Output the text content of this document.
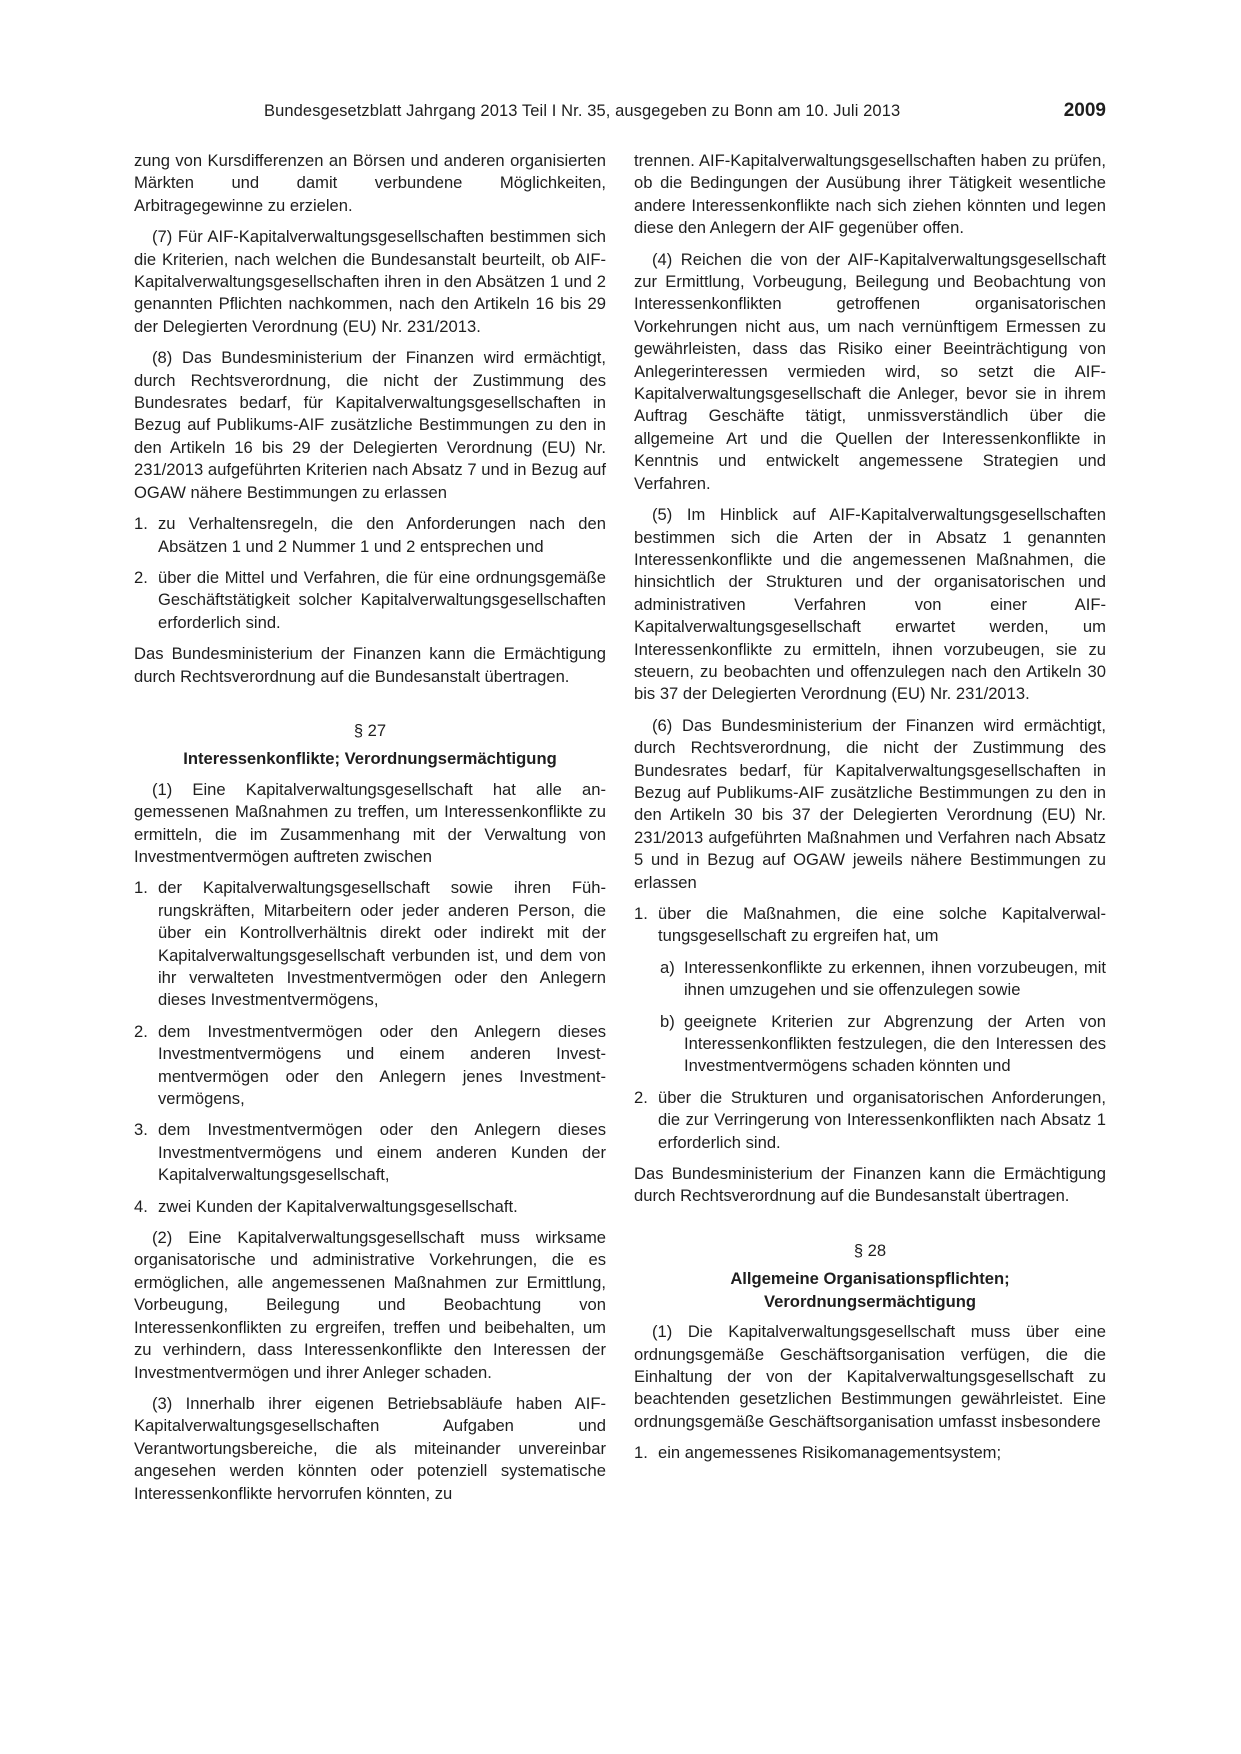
Bundesgesetzblatt Jahrgang 2013 Teil I Nr. 35, ausgegeben zu Bonn am 10. Juli 2013	2009

zung von Kursdifferenzen an Börsen und anderen organisierten Märkten und damit verbundene Möglichkeiten, Arbitragegewinne zu erzielen.

(7) Für AIF-Kapitalverwaltungsgesellschaften bestimmen sich die Kriterien, nach welchen die Bundesanstalt beurteilt, ob AIF-Kapitalverwaltungsgesellschaften ihren in den Absätzen 1 und 2 genannten Pflichten nachkommen, nach den Artikeln 16 bis 29 der Delegierten Verordnung (EU) Nr. 231/2013.

(8) Das Bundesministerium der Finanzen wird ermächtigt, durch Rechtsverordnung, die nicht der Zustimmung des Bundesrates bedarf, für Kapitalverwaltungsgesellschaften in Bezug auf Publikums-AIF zusätzliche Bestimmungen zu den in den Artikeln 16 bis 29 der Delegierten Verordnung (EU) Nr. 231/2013 aufgeführten Kriterien nach Absatz 7 und in Bezug auf OGAW nähere Bestimmungen zu erlassen

1. zu Verhaltensregeln, die den Anforderungen nach den Absätzen 1 und 2 Nummer 1 und 2 entsprechen und
2. über die Mittel und Verfahren, die für eine ordnungsgemäße Geschäftstätigkeit solcher Kapitalverwaltungsgesellschaften erforderlich sind.

Das Bundesministerium der Finanzen kann die Ermächtigung durch Rechtsverordnung auf die Bundesanstalt übertragen.

§ 27
Interessenkonflikte; Verordnungsermächtigung

(1) Eine Kapitalverwaltungsgesellschaft hat alle angemessenen Maßnahmen zu treffen, um Interessenkonflikte zu ermitteln, die im Zusammenhang mit der Verwaltung von Investmentvermögen auftreten zwischen

1. der Kapitalverwaltungsgesellschaft sowie ihren Führungskräften, Mitarbeitern oder jeder anderen Person, die über ein Kontrollverhältnis direkt oder indirekt mit der Kapitalverwaltungsgesellschaft verbunden ist, und dem von ihr verwalteten Investmentvermögen oder den Anlegern dieses Investmentvermögens,
2. dem Investmentvermögen oder den Anlegern dieses Investmentvermögens und einem anderen Investmentvermögen oder den Anlegern jenes Investmentvermögens,
3. dem Investmentvermögen oder den Anlegern dieses Investmentvermögens und einem anderen Kunden der Kapitalverwaltungsgesellschaft,
4. zwei Kunden der Kapitalverwaltungsgesellschaft.

(2) Eine Kapitalverwaltungsgesellschaft muss wirksame organisatorische und administrative Vorkehrungen, die es ermöglichen, alle angemessenen Maßnahmen zur Ermittlung, Vorbeugung, Beilegung und Beobachtung von Interessenkonflikten zu ergreifen, treffen und beibehalten, um zu verhindern, dass Interessenkonflikte den Interessen der Investmentvermögen und ihrer Anleger schaden.

(3) Innerhalb ihrer eigenen Betriebsabläufe haben AIF-Kapitalverwaltungsgesellschaften Aufgaben und Verantwortungsbereiche, die als miteinander unvereinbar angesehen werden könnten oder potenziell systematische Interessenkonflikte hervorrufen könnten, zu

trennen. AIF-Kapitalverwaltungsgesellschaften haben zu prüfen, ob die Bedingungen der Ausübung ihrer Tätigkeit wesentliche andere Interessenkonflikte nach sich ziehen könnten und legen diese den Anlegern der AIF gegenüber offen.

(4) Reichen die von der AIF-Kapitalverwaltungsgesellschaft zur Ermittlung, Vorbeugung, Beilegung und Beobachtung von Interessenkonflikten getroffenen organisatorischen Vorkehrungen nicht aus, um nach vernünftigem Ermessen zu gewährleisten, dass das Risiko einer Beeinträchtigung von Anlegerinteressen vermieden wird, so setzt die AIF-Kapitalverwaltungsgesellschaft die Anleger, bevor sie in ihrem Auftrag Geschäfte tätigt, unmissverständlich über die allgemeine Art und die Quellen der Interessenkonflikte in Kenntnis und entwickelt angemessene Strategien und Verfahren.

(5) Im Hinblick auf AIF-Kapitalverwaltungsgesellschaften bestimmen sich die Arten der in Absatz 1 genannten Interessenkonflikte und die angemessenen Maßnahmen, die hinsichtlich der Strukturen und der organisatorischen und administrativen Verfahren von einer AIF-Kapitalverwaltungsgesellschaft erwartet werden, um Interessenkonflikte zu ermitteln, ihnen vorzubeugen, sie zu steuern, zu beobachten und offenzulegen nach den Artikeln 30 bis 37 der Delegierten Verordnung (EU) Nr. 231/2013.

(6) Das Bundesministerium der Finanzen wird ermächtigt, durch Rechtsverordnung, die nicht der Zustimmung des Bundesrates bedarf, für Kapitalverwaltungsgesellschaften in Bezug auf Publikums-AIF zusätzliche Bestimmungen zu den in den Artikeln 30 bis 37 der Delegierten Verordnung (EU) Nr. 231/2013 aufgeführten Maßnahmen und Verfahren nach Absatz 5 und in Bezug auf OGAW jeweils nähere Bestimmungen zu erlassen

1. über die Maßnahmen, die eine solche Kapitalverwaltungsgesellschaft zu ergreifen hat, um
a) Interessenkonflikte zu erkennen, ihnen vorzubeugen, mit ihnen umzugehen und sie offenzulegen sowie
b) geeignete Kriterien zur Abgrenzung der Arten von Interessenkonflikten festzulegen, die den Interessen des Investmentvermögens schaden könnten und
2. über die Strukturen und organisatorischen Anforderungen, die zur Verringerung von Interessenkonflikten nach Absatz 1 erforderlich sind.

Das Bundesministerium der Finanzen kann die Ermächtigung durch Rechtsverordnung auf die Bundesanstalt übertragen.

§ 28
Allgemeine Organisationspflichten;
Verordnungsermächtigung

(1) Die Kapitalverwaltungsgesellschaft muss über eine ordnungsgemäße Geschäftsorganisation verfügen, die die Einhaltung der von der Kapitalverwaltungsgesellschaft zu beachtenden gesetzlichen Bestimmungen gewährleistet. Eine ordnungsgemäße Geschäftsorganisation umfasst insbesondere

1. ein angemessenes Risikomanagementsystem;
